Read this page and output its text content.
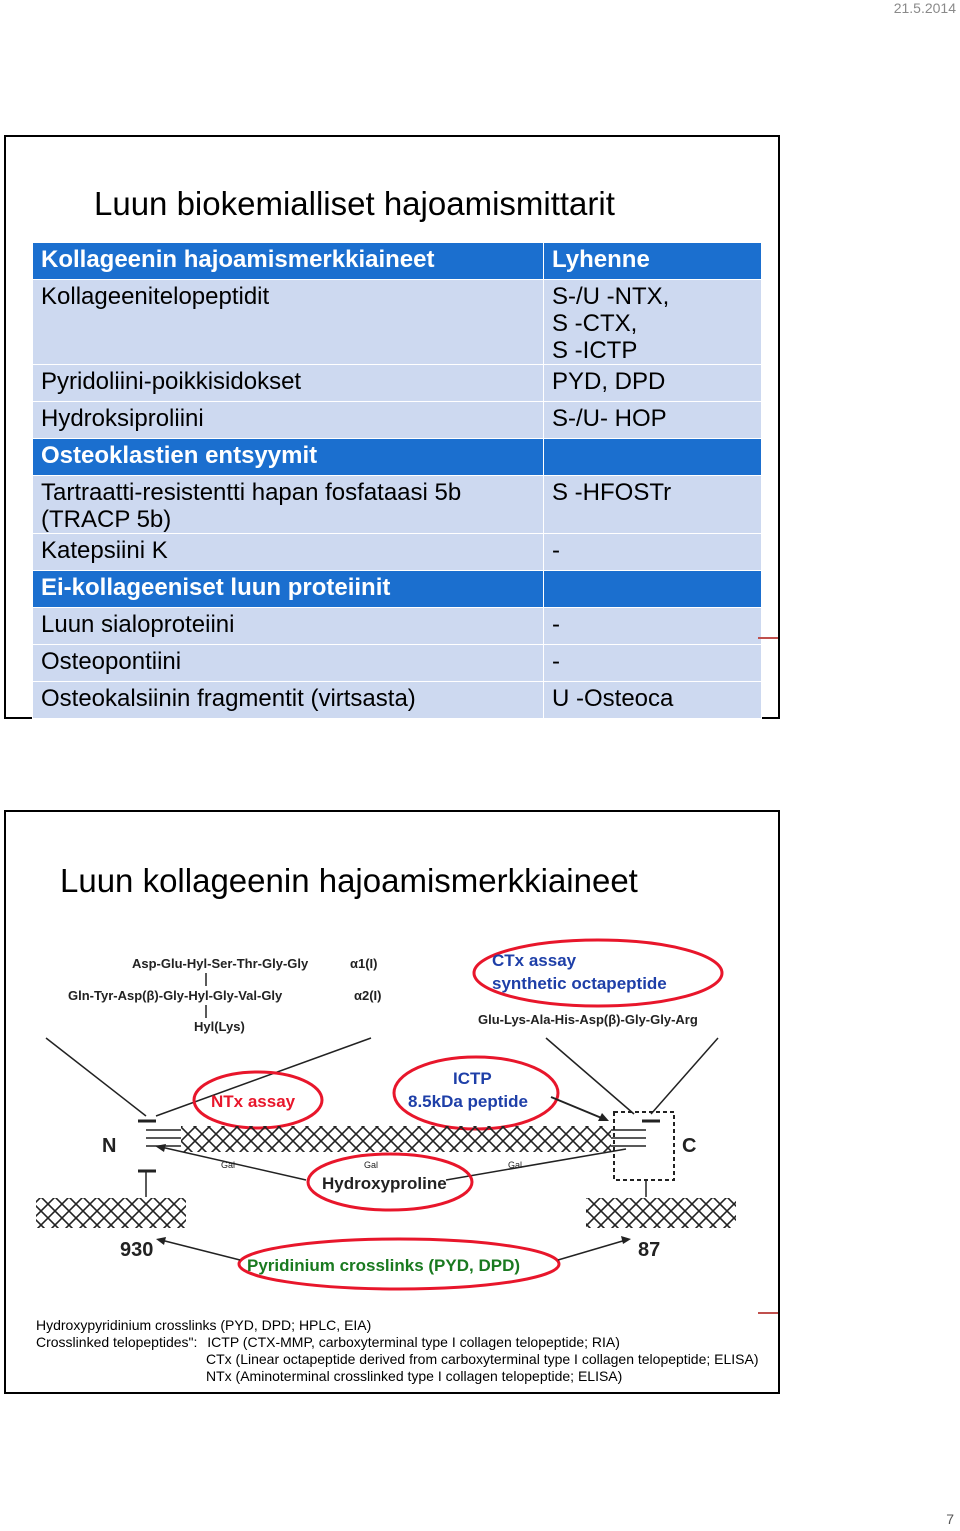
21.5.2014
Luun biokemialliset hajoamismittarit
Kollageenin hajoamismerkkiaineet	Lyhenne
Kollageenitelopeptidit	S-/U -NTX,
S -CTX,
S -ICTP
Pyridoliini-poikkisidokset	PYD, DPD
Hydroksiproliini	S-/U- HOP
Osteoklastien entsyymit	
Tartraatti-resistentti hapan fosfataasi 5b
(TRACP 5b)	S -HFOSTr
Katepsiini K	-
Ei-kollageeniset luun proteiinit	
Luun sialoproteiini	-
Osteopontiini	-
Osteokalsiinin fragmentit (virtsasta)	U -Osteoca
Luun kollageenin hajoamismerkkiaineet
Asp-Glu-Hyl-Ser-Thr-Gly-Gly	α1(I)
Gln-Tyr-Asp(β)-Gly-Hyl-Gly-Val-Gly	α2(I)
Hyl(Lys)
CTx assay
synthetic octapeptide
Glu-Lys-Ala-His-Asp(β)-Gly-Gly-Arg
NTx assay
ICTP
8.5kDa peptide
N	C
Gal	Gal	Gal
Hydroxyproline
930	87
Pyridinium crosslinks (PYD, DPD)
Hydroxypyridinium crosslinks (PYD, DPD; HPLC, EIA)
Crosslinked telopeptides": ICTP (CTX-MMP, carboxyterminal type I collagen telopeptide; RIA)
CTx (Linear octapeptide derived from carboxyterminal type I collagen telopeptide; ELISA)
NTx (Aminoterminal crosslinked type I collagen telopeptide; ELISA)
7
